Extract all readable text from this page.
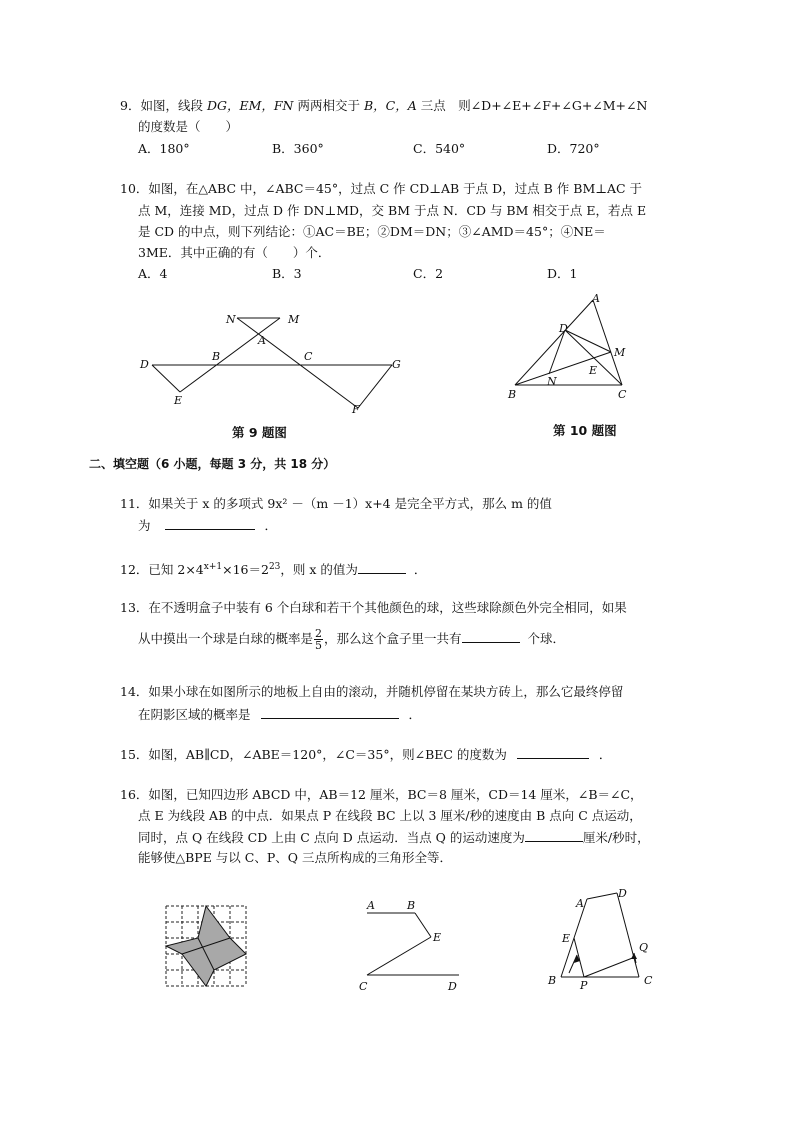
9．如图，线段 DG，EM，FN 两两相交于 B，C，A 三点　则∠D+∠E+∠F+∠G+∠M+∠N
的度数是（　　）
A．180°	B．360°	C．540°	D．720°
10．如图，在△ABC 中，∠ABC＝45°，过点 C 作 CD⊥AB 于点 D，过点 B 作 BM⊥AC 于
点 M，连接 MD，过点 D 作 DN⊥MD，交 BM 于点 N．CD 与 BM 相交于点 E，若点 E
是 CD 的中点，则下列结论：①AC＝BE；②DM＝DN；③∠AMD＝45°；④NE＝
3ME．其中正确的有（　　）个．
A．4	B．3	C．2	D．1
N	M
A
D
B	C
G
E
F
第 9 题图
A
D
M
E
N
B	C
第 10 题图
二、填空题（6 小题，每题 3 分，共 18 分）
11．如果关于 x 的多项式 9x² －（m －1）x+4 是完全平方式，那么 m 的值
为	．
12．已知 $2\times 4^{x+1}\times 16=2^{23}$，则 x 的值为	．
13．在不透明盒子中装有 6 个白球和若干个其他颜色的球，这些球除颜色外完全相同，如果
从中摸出一个球是白球的概率是 $\frac{2}{5}$ ，那么这个盒子里一共有	个球．
14．如果小球在如图所示的地板上自由的滚动，并随机停留在某块方砖上，那么它最终停留
在阴影区域的概率是	．
15．如图，AB∥CD，∠ABE＝120°，∠C＝35°，则∠BEC 的度数为	．
16．如图，已知四边形 ABCD 中，AB＝12 厘米，BC＝8 厘米，CD＝14 厘米，∠B＝∠C，
点 E 为线段 AB 的中点．如果点 P 在线段 BC 上以 3 厘米/秒的速度由 B 点向 C 点运动，
同时，点 Q 在线段 CD 上由 C 点向 D 点运动．当点 Q 的运动速度为	厘米/秒时，
能够使△BPE 与以 C、P、Q 三点所构成的三角形全等．
A	B
E
C	D
A
D
E
Q
B P	C
